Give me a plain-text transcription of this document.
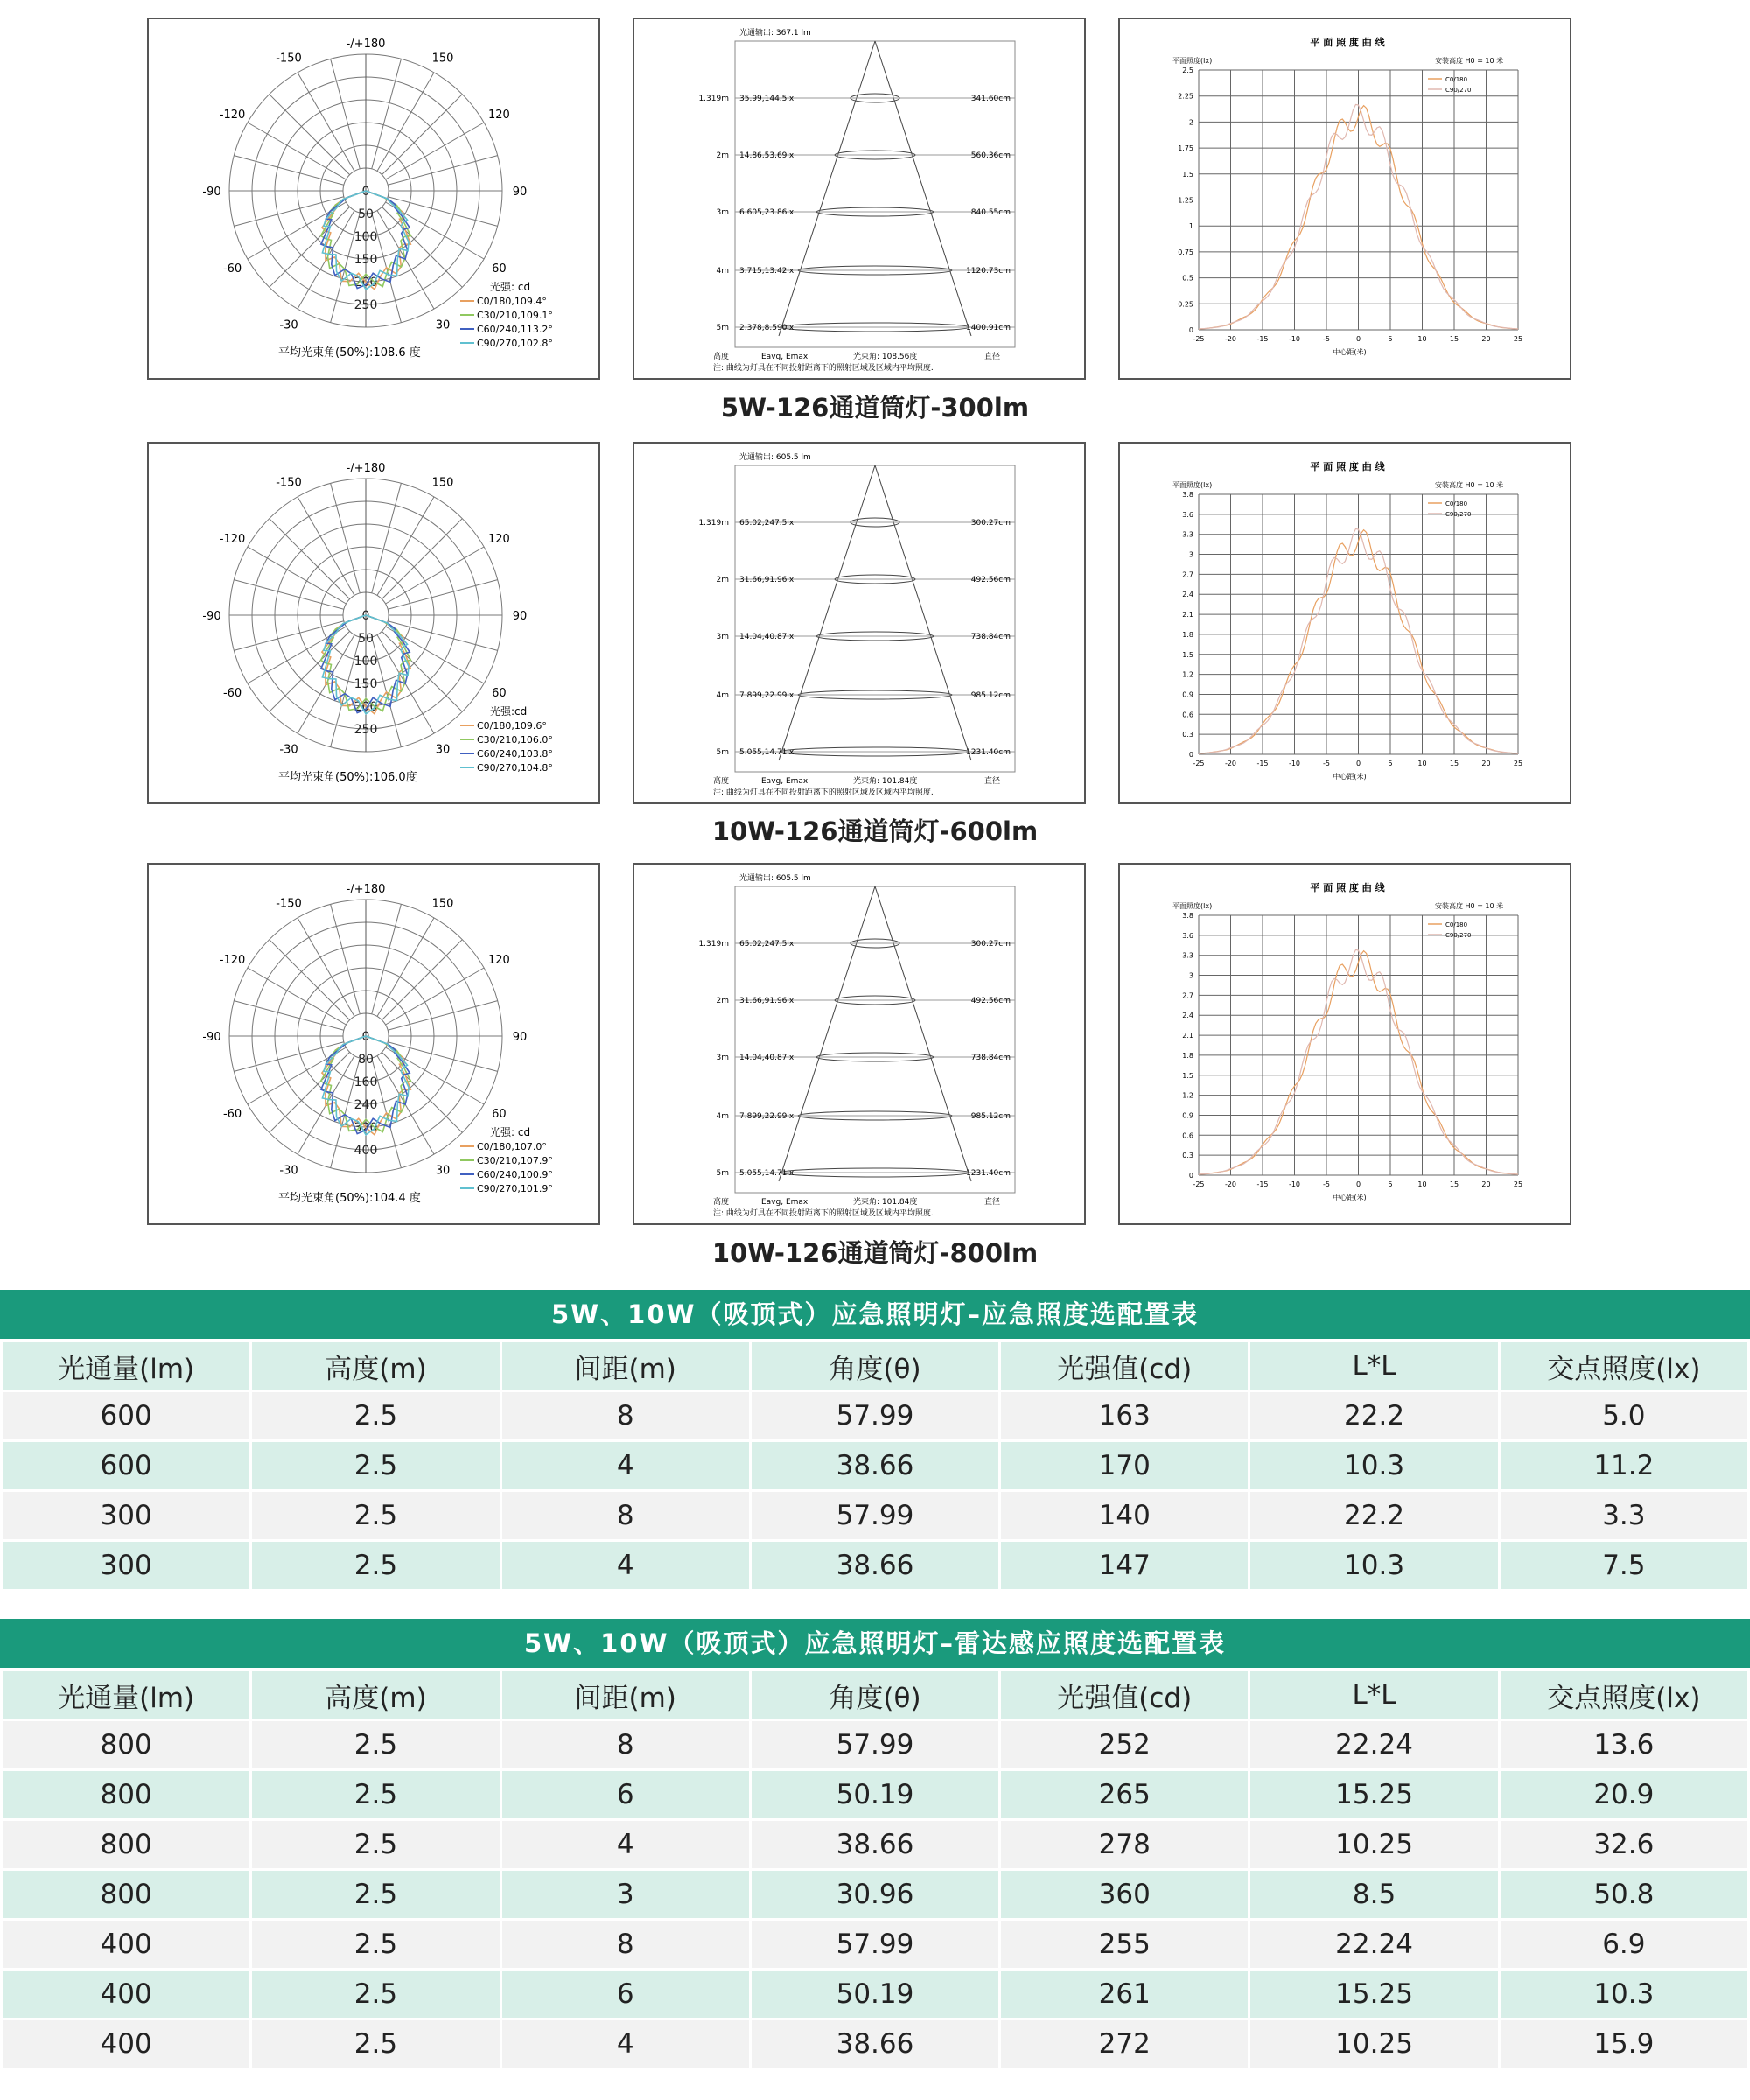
-/+180
-150	150
-120	120
-90	90
-60	60
-30	30
0
50
100
150
200
250
光强: cd
C0/180,109.4°
C30/210,109.1°
C60/240,113.2°
C90/270,102.8°
平均光束角(50%):108.6 度
光通输出: 367.1 lm
1.319m 35.99,144.5lx	341.60cm
2m 14.86,53.69lx	560.36cm
3m 6.605,23.86lx	840.55cm
4m 3.715,13.42lx	1120.73cm
5m 2.378,8.590lx	1400.91cm
高度	Eavg, Emax	光束角: 108.56度	直径
注: 曲线为灯具在不同投射距离下的照射区域及区域内平均照度.
平 面 照 度 曲 线
平面照度(lx)	安装高度 H0 = 10 米
-25	-20	-15	-10	-5	0	5	10	15	20	25
2.5
2.25
2
1.75
1.5
1.25
1
0.75
0.5
0.25
0
中心距(米)
C0/180
C90/270
5W-126通道筒灯-300lm
-/+180
-150	150
-120	120
-90	90
-60	60
-30	30
0
50
100
150
200
250
光强:cd
C0/180,109.6°
C30/210,106.0°
C60/240,103.8°
C90/270,104.8°
平均光束角(50%):106.0度
光通输出: 605.5 lm
1.319m 65.02,247.5lx	300.27cm
2m 31.66,91.96lx	492.56cm
3m 14.04,40.87lx	738.84cm
4m 7.899,22.99lx	985.12cm
5m 5.055,14.71lx	1231.40cm
高度	Eavg, Emax	光束角: 101.84度	直径
注: 曲线为灯具在不同投射距离下的照射区域及区域内平均照度.
平 面 照 度 曲 线
平面照度(lx)	安装高度 H0 = 10 米
-25	-20	-15	-10	-5	0	5	10	15	20	25
3.8
3.6
3.3
3
2.7
2.4
2.1
1.8
1.5
1.2
0.9
0.6
0.3
0
中心距(米)
C0/180
C90/270
10W-126通道筒灯-600lm
-/+180
-150	150
-120	120
-90	90
-60	60
-30	30
0
80
160
240
320
400
光强: cd
C0/180,107.0°
C30/210,107.9°
C60/240,100.9°
C90/270,101.9°
平均光束角(50%):104.4 度
光通输出: 605.5 lm
1.319m 65.02,247.5lx	300.27cm
2m 31.66,91.96lx	492.56cm
3m 14.04,40.87lx	738.84cm
4m 7.899,22.99lx	985.12cm
5m 5.055,14.71lx	1231.40cm
高度	Eavg, Emax	光束角: 101.84度	直径
注: 曲线为灯具在不同投射距离下的照射区域及区域内平均照度.
平 面 照 度 曲 线
平面照度(lx)	安装高度 H0 = 10 米
-25	-20	-15	-10	-5	0	5	10	15	20	25
3.8
3.6
3.3
3
2.7
2.4
2.1
1.8
1.5
1.2
0.9
0.6
0.3
0
中心距(米)
C0/180
C90/270
10W-126通道筒灯-800lm
5W、10W（吸顶式）应急照明灯–应急照度选配置表
光通量(lm)	高度(m)	间距(m)	角度(θ)	光强值(cd)	L*L	交点照度(lx)
600	2.5	8	57.99	163	22.2	5.0
600	2.5	4	38.66	170	10.3	11.2
300	2.5	8	57.99	140	22.2	3.3
300	2.5	4	38.66	147	10.3	7.5
5W、10W（吸顶式）应急照明灯–雷达感应照度选配置表
光通量(lm)	高度(m)	间距(m)	角度(θ)	光强值(cd)	L*L	交点照度(lx)
800	2.5	8	57.99	252	22.24	13.6
800	2.5	6	50.19	265	15.25	20.9
800	2.5	4	38.66	278	10.25	32.6
800	2.5	3	30.96	360	8.5	50.8
400	2.5	8	57.99	255	22.24	6.9
400	2.5	6	50.19	261	15.25	10.3
400	2.5	4	38.66	272	10.25	15.9
